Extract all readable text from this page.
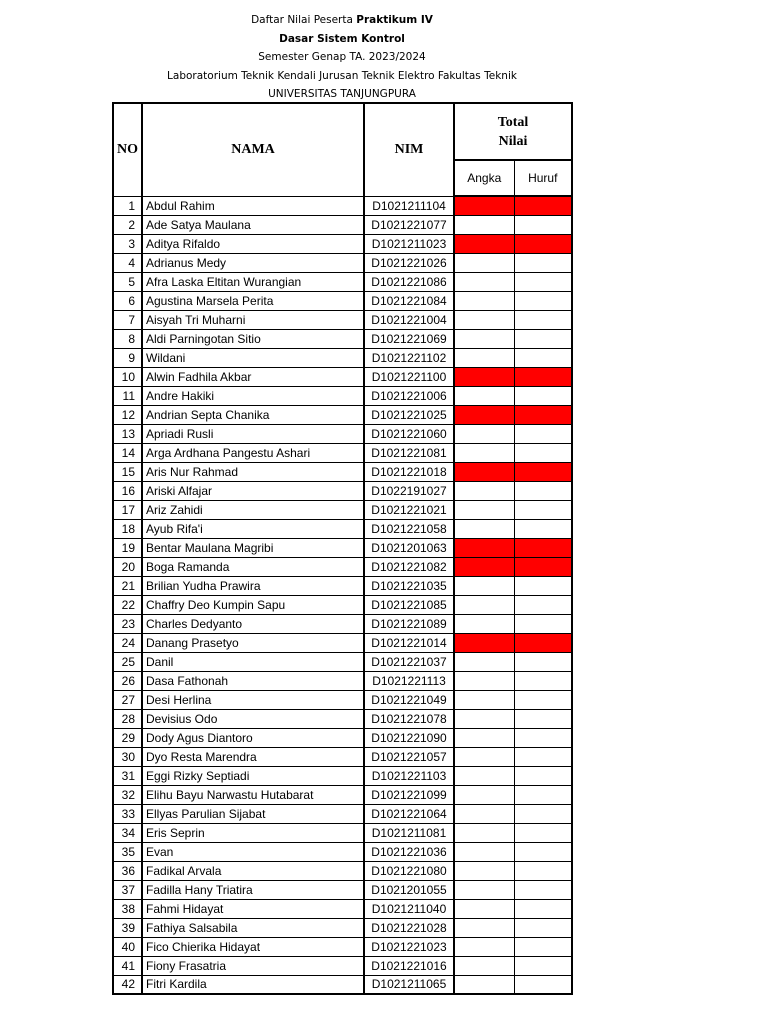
Daftar Nilai Peserta Praktikum IV
Dasar Sistem Kontrol
Semester Genap TA. 2023/2024
Laboratorium Teknik Kendali Jurusan Teknik Elektro Fakultas Teknik
UNIVERSITAS TANJUNGPURA
NO	NAMA	NIM	Total
Nilai	

			Angka	Huruf
1	Abdul Rahim	D1021211104		
2	Ade Satya Maulana	D1021221077		
3	Aditya Rifaldo	D1021211023		
4	Adrianus Medy	D1021221026		
5	Afra Laska Eltitan Wurangian	D1021221086		
6	Agustina Marsela Perita	D1021221084		
7	Aisyah Tri Muharni	D1021221004		
8	Aldi Parningotan Sitio	D1021221069		
9	Wildani	D1021221102		
10	Alwin Fadhila Akbar	D1021221100		
11	Andre Hakiki	D1021221006		
12	Andrian Septa Chanika	D1021221025		
13	Apriadi Rusli	D1021221060		
14	Arga Ardhana Pangestu Ashari	D1021221081		
15	Aris Nur Rahmad	D1021221018		
16	Ariski Alfajar	D1022191027		
17	Ariz Zahidi	D1021221021		
18	Ayub Rifa'i	D1021221058		
19	Bentar Maulana Magribi	D1021201063		
20	Boga Ramanda	D1021221082		
21	Brilian Yudha Prawira	D1021221035		
22	Chaffry Deo Kumpin Sapu	D1021221085		
23	Charles Dedyanto	D1021221089		
24	Danang Prasetyo	D1021221014		
25	Danil	D1021221037		
26	Dasa Fathonah	D1021221113		
27	Desi Herlina	D1021221049		
28	Devisius Odo	D1021221078		
29	Dody Agus Diantoro	D1021221090		
30	Dyo Resta Marendra	D1021221057		
31	Eggi Rizky Septiadi	D1021221103		
32	Elihu Bayu Narwastu Hutabarat	D1021221099		
33	Ellyas Parulian Sijabat	D1021221064		
34	Eris Seprin	D1021211081		
35	Evan	D1021221036		
36	Fadikal Arvala	D1021221080		
37	Fadilla Hany Triatira	D1021201055		
38	Fahmi Hidayat	D1021211040		
39	Fathiya Salsabila	D1021221028		
40	Fico Chierika Hidayat	D1021221023		
41	Fiony Frasatria	D1021221016		
42	Fitri Kardila	D1021211065		
